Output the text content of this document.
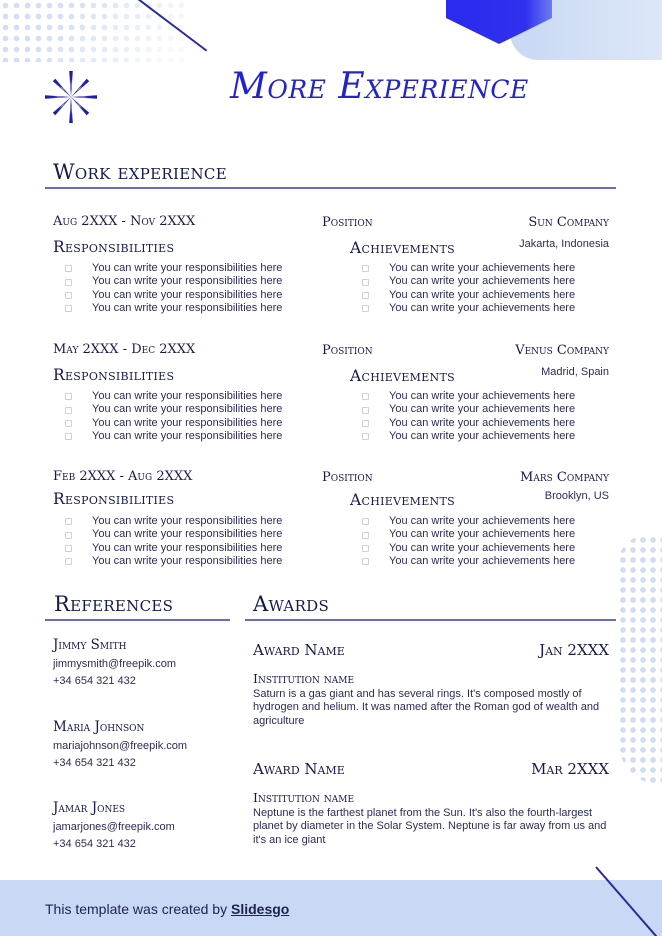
More Experience
Work experience
Aug 2XXX - Nov 2XXX	Position	Sun Company
Responsibilities	Achievements	Jakarta, Indonesia
You can write your responsibilities here
You can write your responsibilities here
You can write your responsibilities here
You can write your responsibilities here
You can write your achievements here
You can write your achievements here
You can write your achievements here
You can write your achievements here
May 2XXX - Dec 2XXX	Position	Venus Company
Responsibilities	Achievements	Madrid, Spain
You can write your responsibilities here
You can write your responsibilities here
You can write your responsibilities here
You can write your responsibilities here
You can write your achievements here
You can write your achievements here
You can write your achievements here
You can write your achievements here
Feb 2XXX - Aug 2XXX	Position	Mars Company
Responsibilities	Achievements	Brooklyn, US
You can write your responsibilities here
You can write your responsibilities here
You can write your responsibilities here
You can write your responsibilities here
You can write your achievements here
You can write your achievements here
You can write your achievements here
You can write your achievements here
References
Jimmy Smith
jimmysmith@freepik.com
+34 654 321 432
Maria Johnson
mariajohnson@freepik.com
+34 654 321 432
Jamar Jones
jamarjones@freepik.com
+34 654 321 432
Awards
Award Name	Jan 2XXX
Institution name
Saturn is a gas giant and has several rings. It's composed mostly of hydrogen and helium. It was named after the Roman god of wealth and agriculture
Award Name	Mar 2XXX
Institution name
Neptune is the farthest planet from the Sun. It's also the fourth-largest planet by diameter in the Solar System. Neptune is far away from us and it's an ice giant
This template was created by Slidesgo
